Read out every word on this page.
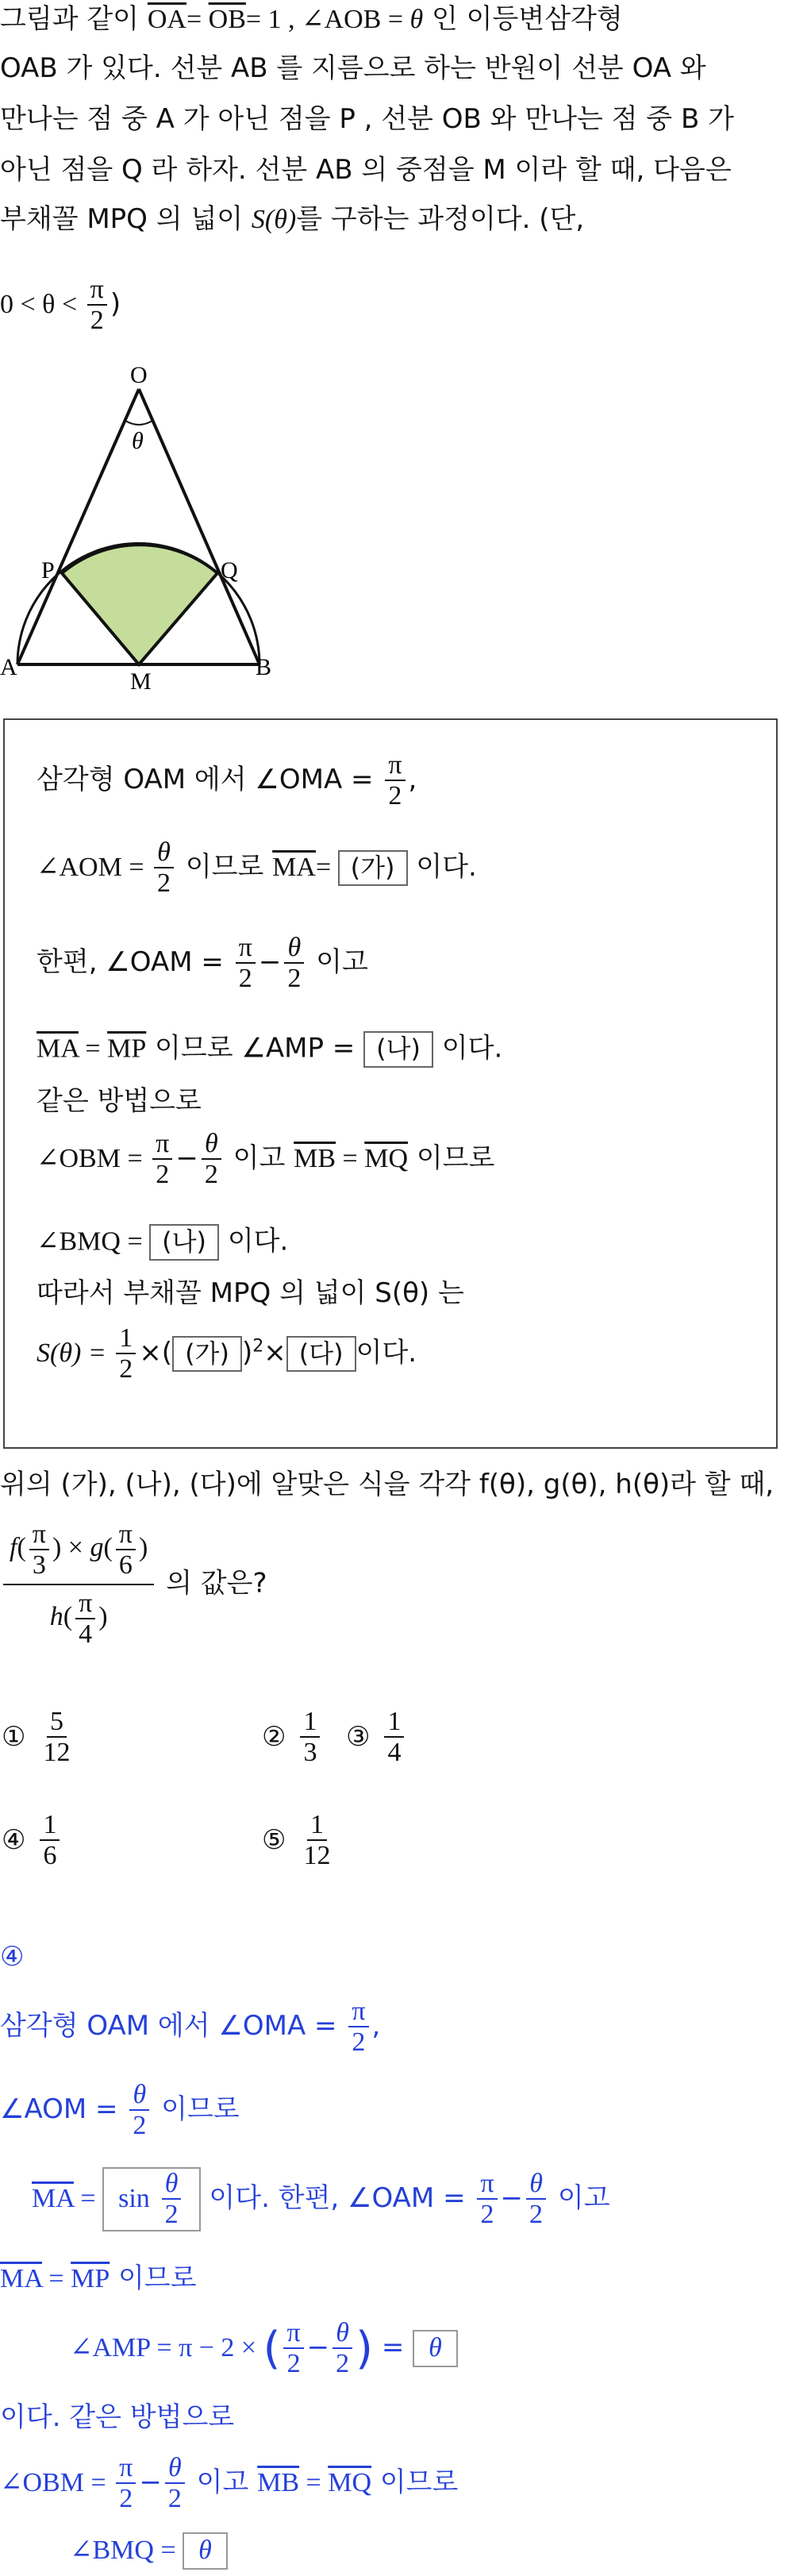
그림과 같이 $\overline{OA}= \overline{OB}= 1$ , ∠AOB = θ 인 이등변삼각형
OAB 가 있다. 선분 AB 를 지름으로 하는 반원이 선분 OA 와
만나는 점 중 A 가 아닌 점을 P , 선분 OB 와 만나는 점 중 B 가
아닌 점을 Q 라 하자. 선분 AB 의 중점을 M 이라 할 때, 다음은
부채꼴 MPQ 의 넓이 S(θ)를 구하는 과정이다. (단,
$0 < \theta < \frac{\pi}{2}$ )
O
θ
P	Q
A
M
B
삼각형 OAM 에서 ∠OMA = $\frac{\pi}{2}$ ,
∠AOM = $\frac{\theta}{2}$ 이므로 $\overline{MA}=$ (가) 이다.
한편, ∠OAM = $\frac{\pi}{2} - \frac{\theta}{2}$ 이고
$\overline{MA} = \overline{MP}$ 이므로 ∠AMP = (나) 이다.
같은 방법으로
∠OBM = $\frac{\pi}{2} - \frac{\theta}{2}$ 이고 $\overline{MB} = \overline{MQ}$ 이므로
∠BMQ = (나) 이다.
따라서 부채꼴 MPQ 의 넓이 S(θ) 는
$S(\theta) = \frac{1}{2}$ ×( (가) )$^2$× (다) 이다.
위의 (가), (나), (다)에 알맞은 식을 각각 f(θ), g(θ), h(θ)라 할 때,
$\frac{f( \frac{\pi}{3} ) \times g( \frac{\pi}{6} )}{h( \frac{\pi}{4} )}$ 의 값은?
① $\frac{5}{12}$	② $\frac{1}{3}$ ③ $\frac{1}{4}$
④ $\frac{1}{6}$	⑤ $\frac{1}{12}$
④
삼각형 OAM 에서 ∠OMA = $\frac{\pi}{2}$ ,
∠AOM = $\frac{\theta}{2}$ 이므로
$\overline{MA} = \sin \frac{\theta}{2}$ 이다. 한편, ∠OAM = $\frac{\pi}{2} - \frac{\theta}{2}$ 이고
$\overline{MA} = \overline{MP}$ 이므로
∠AMP = π − 2 × ( $\frac{\pi}{2} - \frac{\theta}{2}$ ) = θ
이다. 같은 방법으로
∠OBM = $\frac{\pi}{2} - \frac{\theta}{2}$ 이고 $\overline{MB} = \overline{MQ}$ 이므로
∠BMQ = θ
